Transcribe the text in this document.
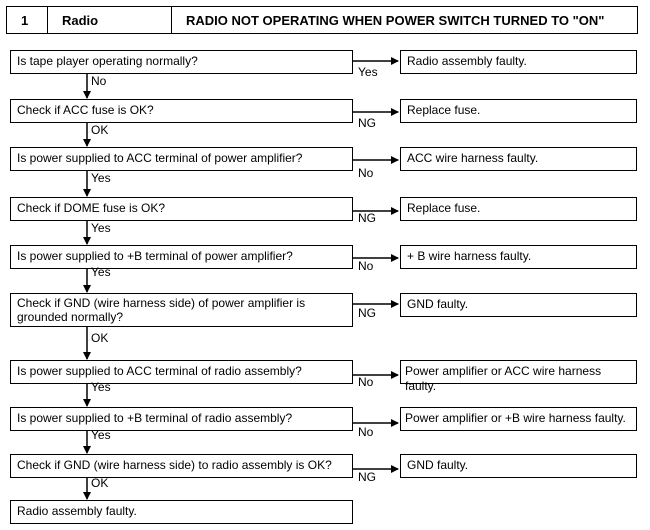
1	Radio	RADIO NOT OPERATING WHEN POWER SWITCH TURNED TO "ON"
Is tape player operating normally?
Yes
Radio assembly faulty.
No
Check if ACC fuse is OK?
NG
Replace fuse.
OK
Is power supplied to ACC terminal of power amplifier?
No
ACC wire harness faulty.
Yes
Check if DOME fuse is OK?
NG
Replace fuse.
Yes
Is power supplied to +B terminal of power amplifier?
No
+ B wire harness faulty.
Yes
Check if GND (wire harness side) of power amplifier is
grounded normally?	NG
GND faulty.
OK
Is power supplied to ACC terminal of radio assembly?
No
Power amplifier or ACC wire harness faulty.
Yes
Is power supplied to +B terminal of radio assembly?
No
Power amplifier or +B wire harness faulty.
Yes
Check if GND (wire harness side) to radio assembly is OK?
NG
GND faulty.
OK
Radio assembly faulty.
